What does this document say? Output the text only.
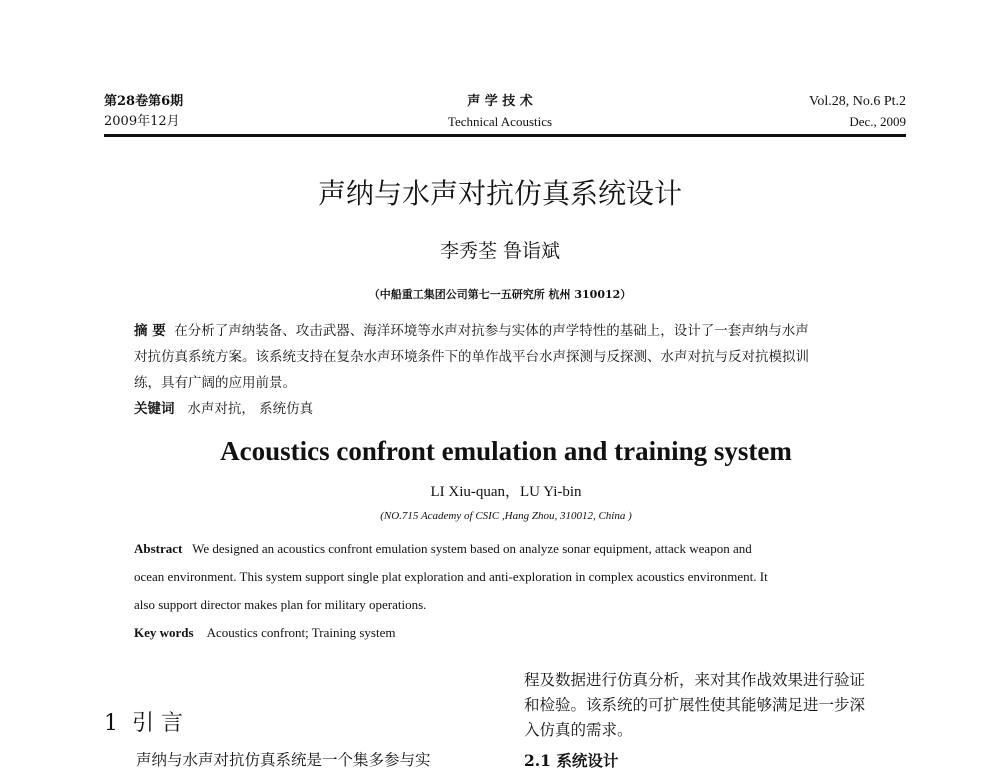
第28卷第6期
2009年12月
声 学 技 术
Technical Acoustics
Vol.28, No.6 Pt.2
Dec., 2009
声纳与水声对抗仿真系统设计
李秀荃 鲁诣斌
（中船重工集团公司第七一五研究所 杭州 310012）
摘 要 在分析了声纳装备、攻击武器、海洋环境等水声对抗参与实体的声学特性的基础上，设计了一套声纳与水声
对抗仿真系统方案。该系统支持在复杂水声环境条件下的单作战平台水声探测与反探测、水声对抗与反对抗模拟训
练，具有广阔的应用前景。
关键词 水声对抗， 系统仿真
Acoustics confront emulation and training system
LI Xiu-quan，LU Yi-bin
(NO.715 Academy of CSIC ,Hang Zhou, 310012, China )
Abstract We designed an acoustics confront emulation system based on analyze sonar equipment, attack weapon and
ocean environment. This system support single plat exploration and anti-exploration in complex acoustics environment. It
also support director makes plan for military operations.
Key words Acoustics confront; Training system
1 引 言
声纳与水声对抗仿真系统是一个集多参与实
程及数据进行仿真分析，来对其作战效果进行验证
和检验。该系统的可扩展性使其能够满足进一步深
入仿真的需求。
2.1 系统设计
